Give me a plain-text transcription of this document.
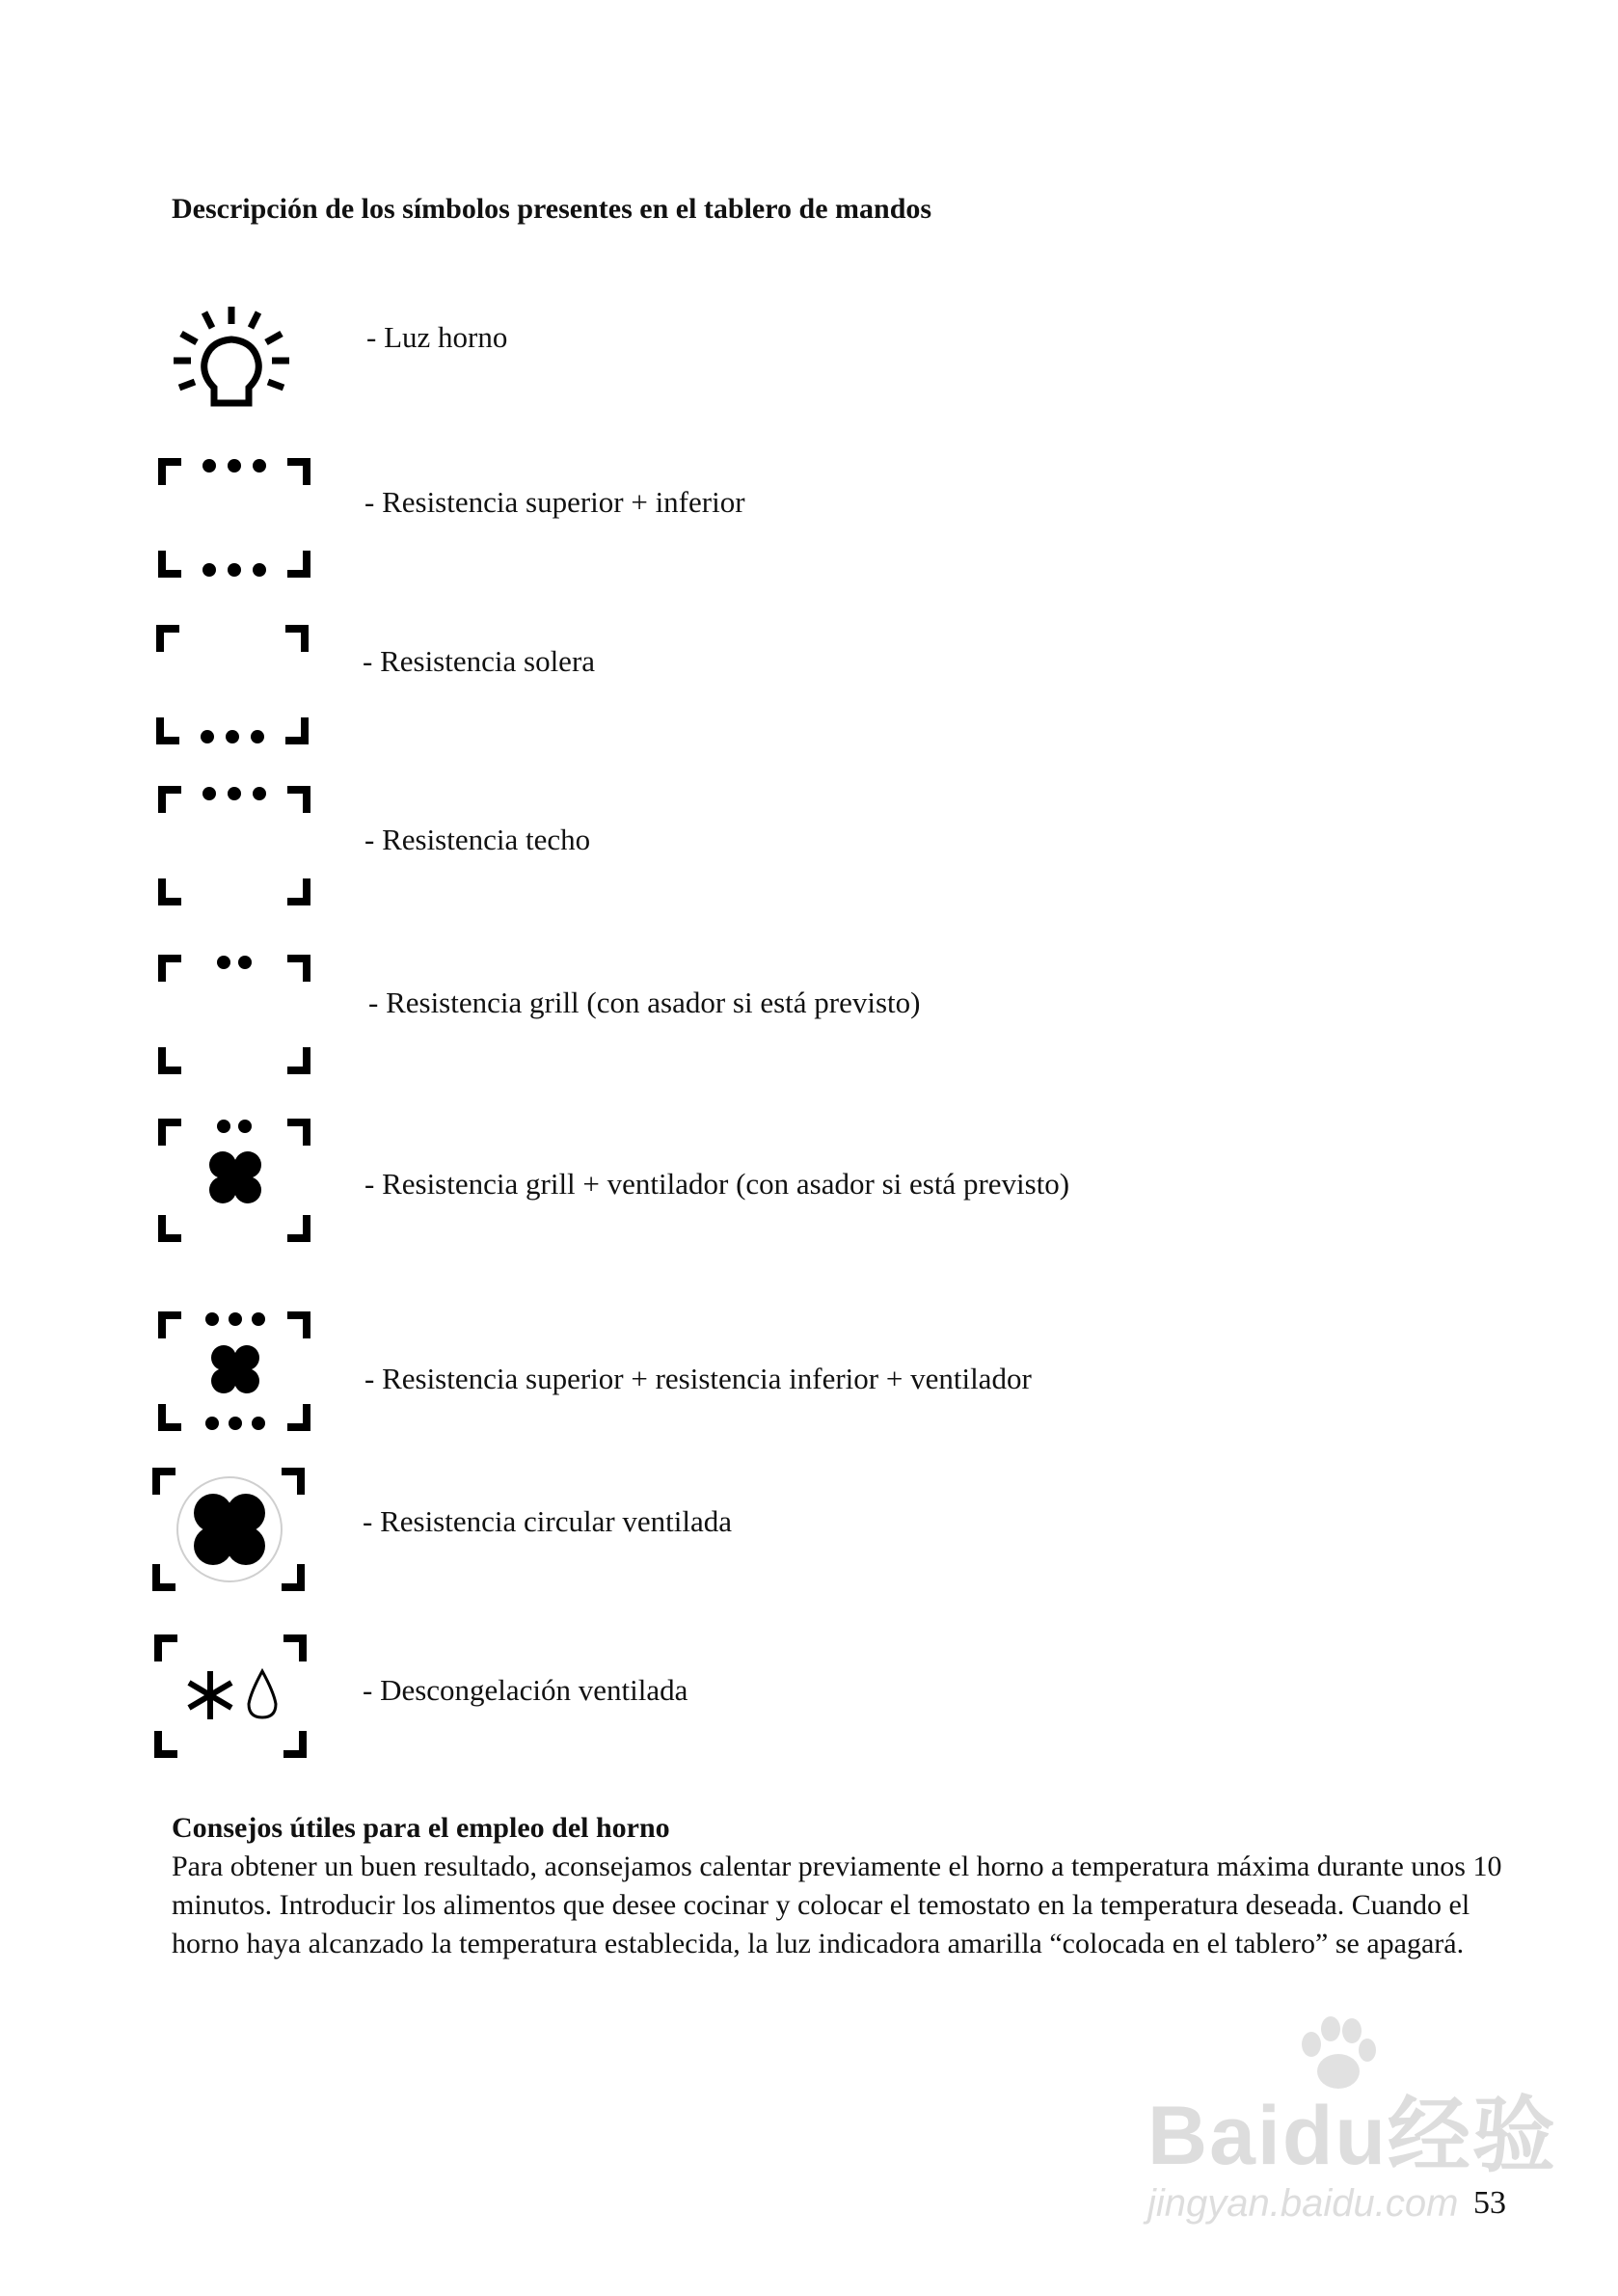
Descripción de los símbolos presentes en el tablero de mandos
- Luz horno
- Resistencia superior + inferior
- Resistencia solera
- Resistencia techo
- Resistencia grill (con asador si está previsto)
- Resistencia grill + ventilador (con asador si está previsto)
- Resistencia superior + resistencia inferior + ventilador
- Resistencia circular ventilada
- Descongelación ventilada
Consejos útiles para el empleo del horno
Para obtener un buen resultado, aconsejamos calentar previamente el horno a temperatura máxima durante unos 10 minutos. Introducir los alimentos que desee cocinar y colocar el temostato en la temperatura deseada. Cuando el horno haya alcanzado la temperatura establecida, la luz indicadora amarilla “colocada en el tablero” se apagará.
Baidu经验
jingyan.baidu.com 53
